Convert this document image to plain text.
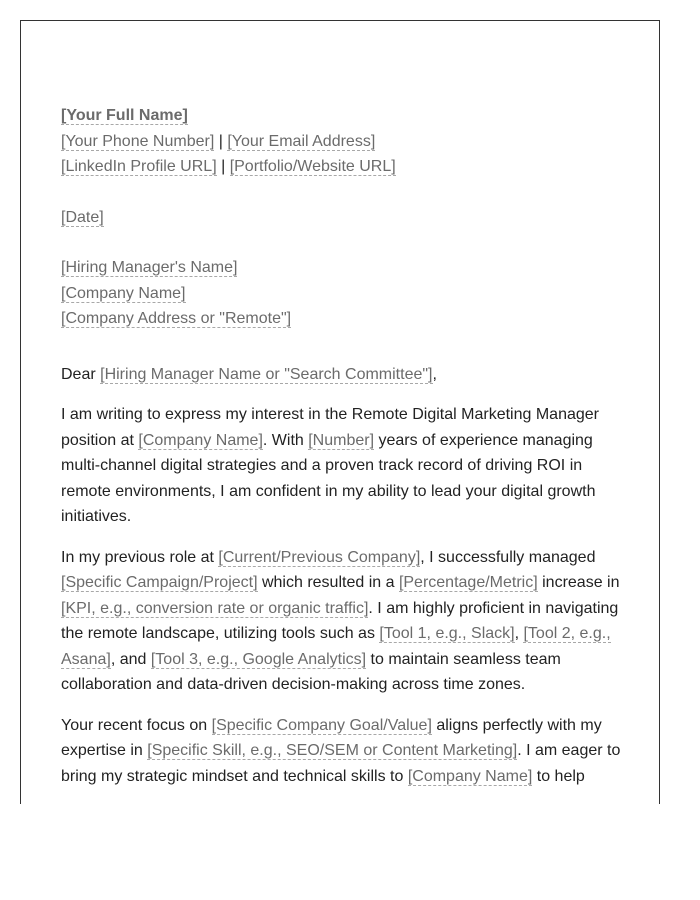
[Your Full Name]
[Your Phone Number] | [Your Email Address]
[LinkedIn Profile URL] | [Portfolio/Website URL]
[Date]
[Hiring Manager's Name]
[Company Name]
[Company Address or "Remote"]

Dear [Hiring Manager Name or "Search Committee"],

I am writing to express my interest in the Remote Digital Marketing Manager position at [Company Name]. With [Number] years of experience managing multi-channel digital strategies and a proven track record of driving ROI in remote environments, I am confident in my ability to lead your digital growth initiatives.

In my previous role at [Current/Previous Company], I successfully managed [Specific Campaign/Project] which resulted in a [Percentage/Metric] increase in [KPI, e.g., conversion rate or organic traffic]. I am highly proficient in navigating the remote landscape, utilizing tools such as [Tool 1, e.g., Slack], [Tool 2, e.g., Asana], and [Tool 3, e.g., Google Analytics] to maintain seamless team collaboration and data-driven decision-making across time zones.

Your recent focus on [Specific Company Goal/Value] aligns perfectly with my expertise in [Specific Skill, e.g., SEO/SEM or Content Marketing]. I am eager to bring my strategic mindset and technical skills to [Company Name] to help
